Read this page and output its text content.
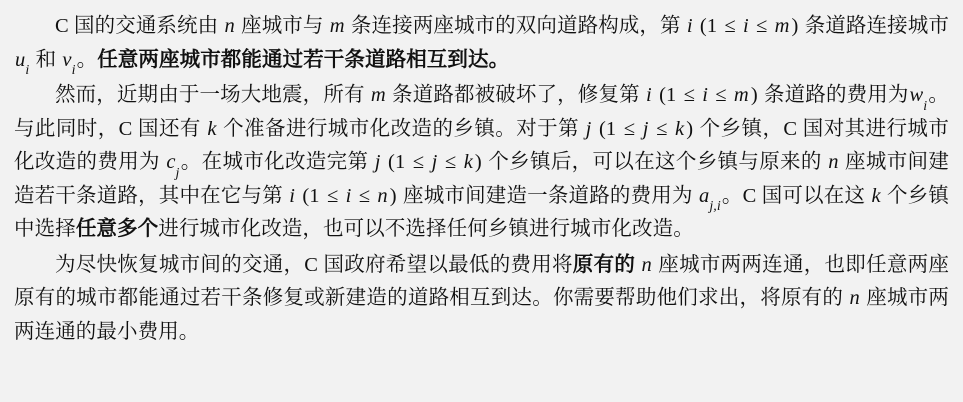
C 国的交通系统由 n 座城市与 m 条连接两座城市的双向道路构成，第 i (1 ≤ i ≤ m) 条道路连接城市 $u_i$ 和 $v_i$。任意两座城市都能通过若干条道路相互到达。

然而，近期由于一场大地震，所有 m 条道路都被破坏了，修复第 i (1 ≤ i ≤ m) 条道路的费用为$w_i$。与此同时，C 国还有 k 个准备进行城市化改造的乡镇。对于第 j (1 ≤ j ≤ k) 个乡镇，C 国对其进行城市化改造的费用为 $c_j$。在城市化改造完第 j (1 ≤ j ≤ k) 个乡镇后，可以在这个乡镇与原来的 n 座城市间建造若干条道路，其中在它与第 i (1 ≤ i ≤ n) 座城市间建造一条道路的费用为 $a_{j,i}$。C 国可以在这 k 个乡镇中选择任意多个进行城市化改造，也可以不选择任何乡镇进行城市化改造。

为尽快恢复城市间的交通，C 国政府希望以最低的费用将原有的 n 座城市两两连通，也即任意两座原有的城市都能通过若干条修复或新建造的道路相互到达。你需要帮助他们求出，将原有的 n 座城市两两连通的最小费用。
